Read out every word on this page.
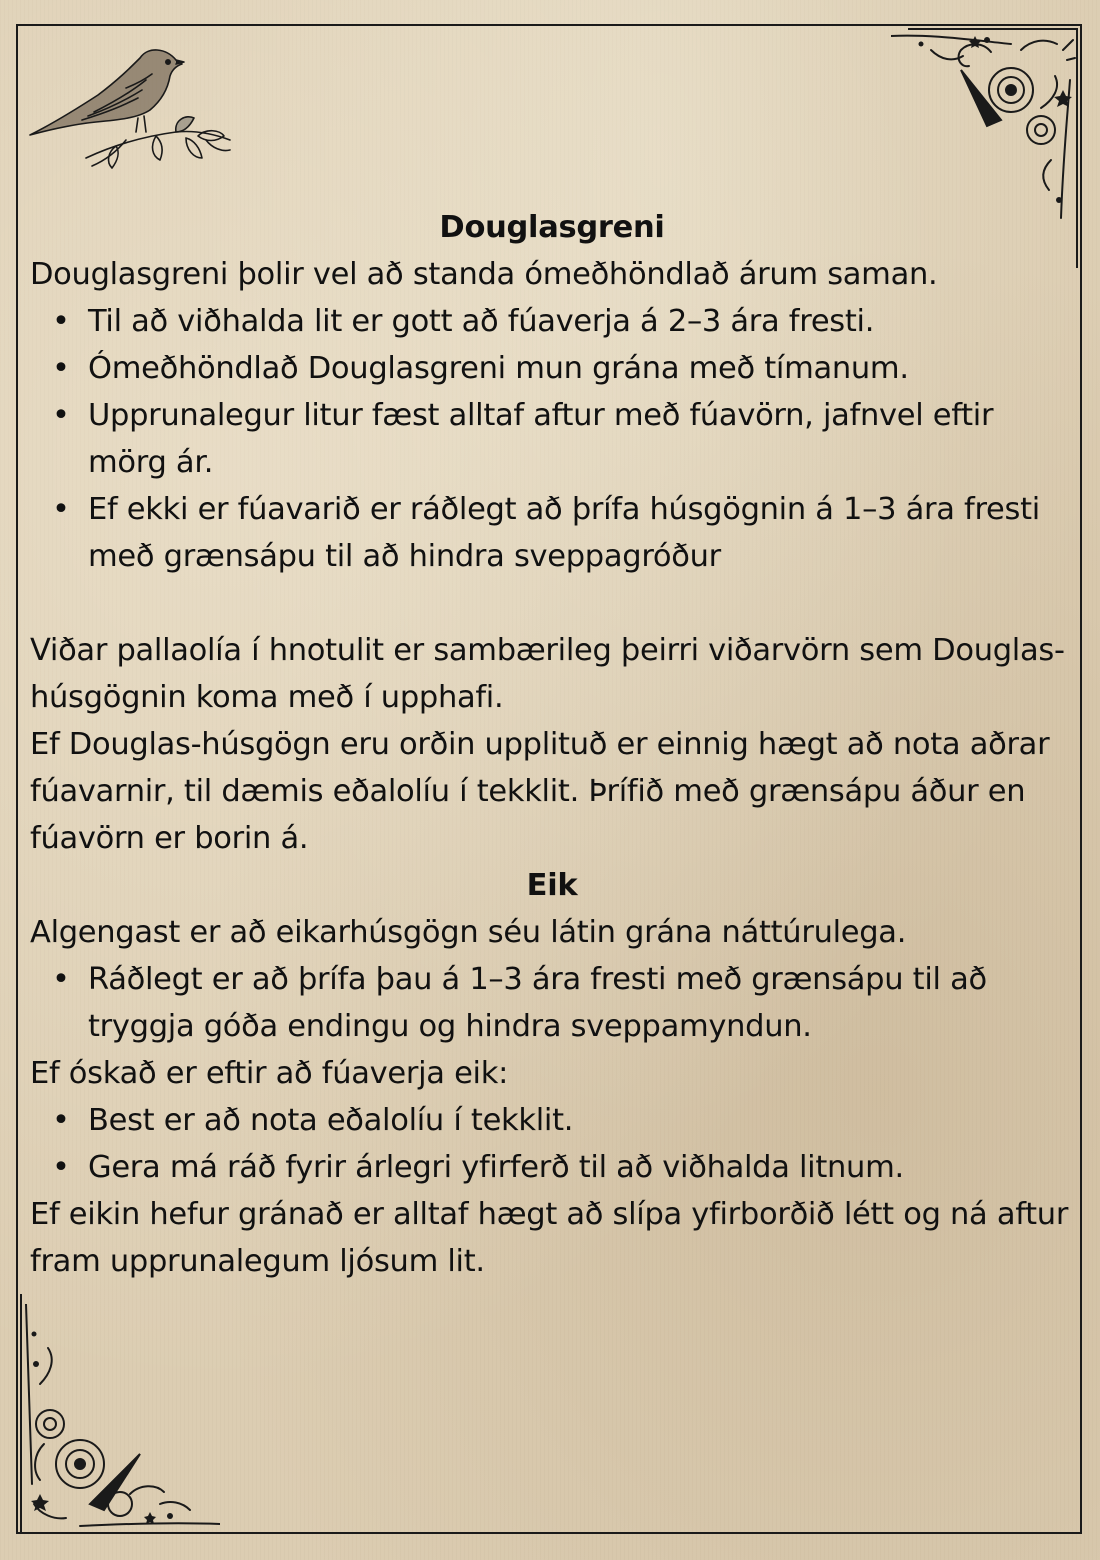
Douglasgreni

Douglasgreni þolir vel að standa ómeðhöndlað árum saman.

• Til að viðhalda lit er gott að fúaverja á 2–3 ára fresti.
• Ómeðhöndlað Douglasgreni mun grána með tímanum.
• Upprunalegur litur fæst alltaf aftur með fúavörn, jafnvel eftir mörg ár.
• Ef ekki er fúavarið er ráðlegt að þrífa húsgögnin á 1–3 ára fresti með grænsápu til að hindra sveppagróður

Viðar pallaolía í hnotulit er sambærileg þeirri viðarvörn sem Douglas-húsgögnin koma með í upphafi.

Ef Douglas-húsgögn eru orðin upplituð er einnig hægt að nota aðrar fúavarnir, til dæmis eðalolíu í tekklit. Þrífið með grænsápu áður en fúavörn er borin á.

Eik

Algengast er að eikarhúsgögn séu látin grána náttúrulega.

• Ráðlegt er að þrífa þau á 1–3 ára fresti með grænsápu til að tryggja góða endingu og hindra sveppamyndun.

Ef óskað er eftir að fúaverja eik:

• Best er að nota eðalolíu í tekklit.
• Gera má ráð fyrir árlegri yfirferð til að viðhalda litnum.

Ef eikin hefur gránað er alltaf hægt að slípa yfirborðið létt og ná aftur fram upprunalegum ljósum lit.
